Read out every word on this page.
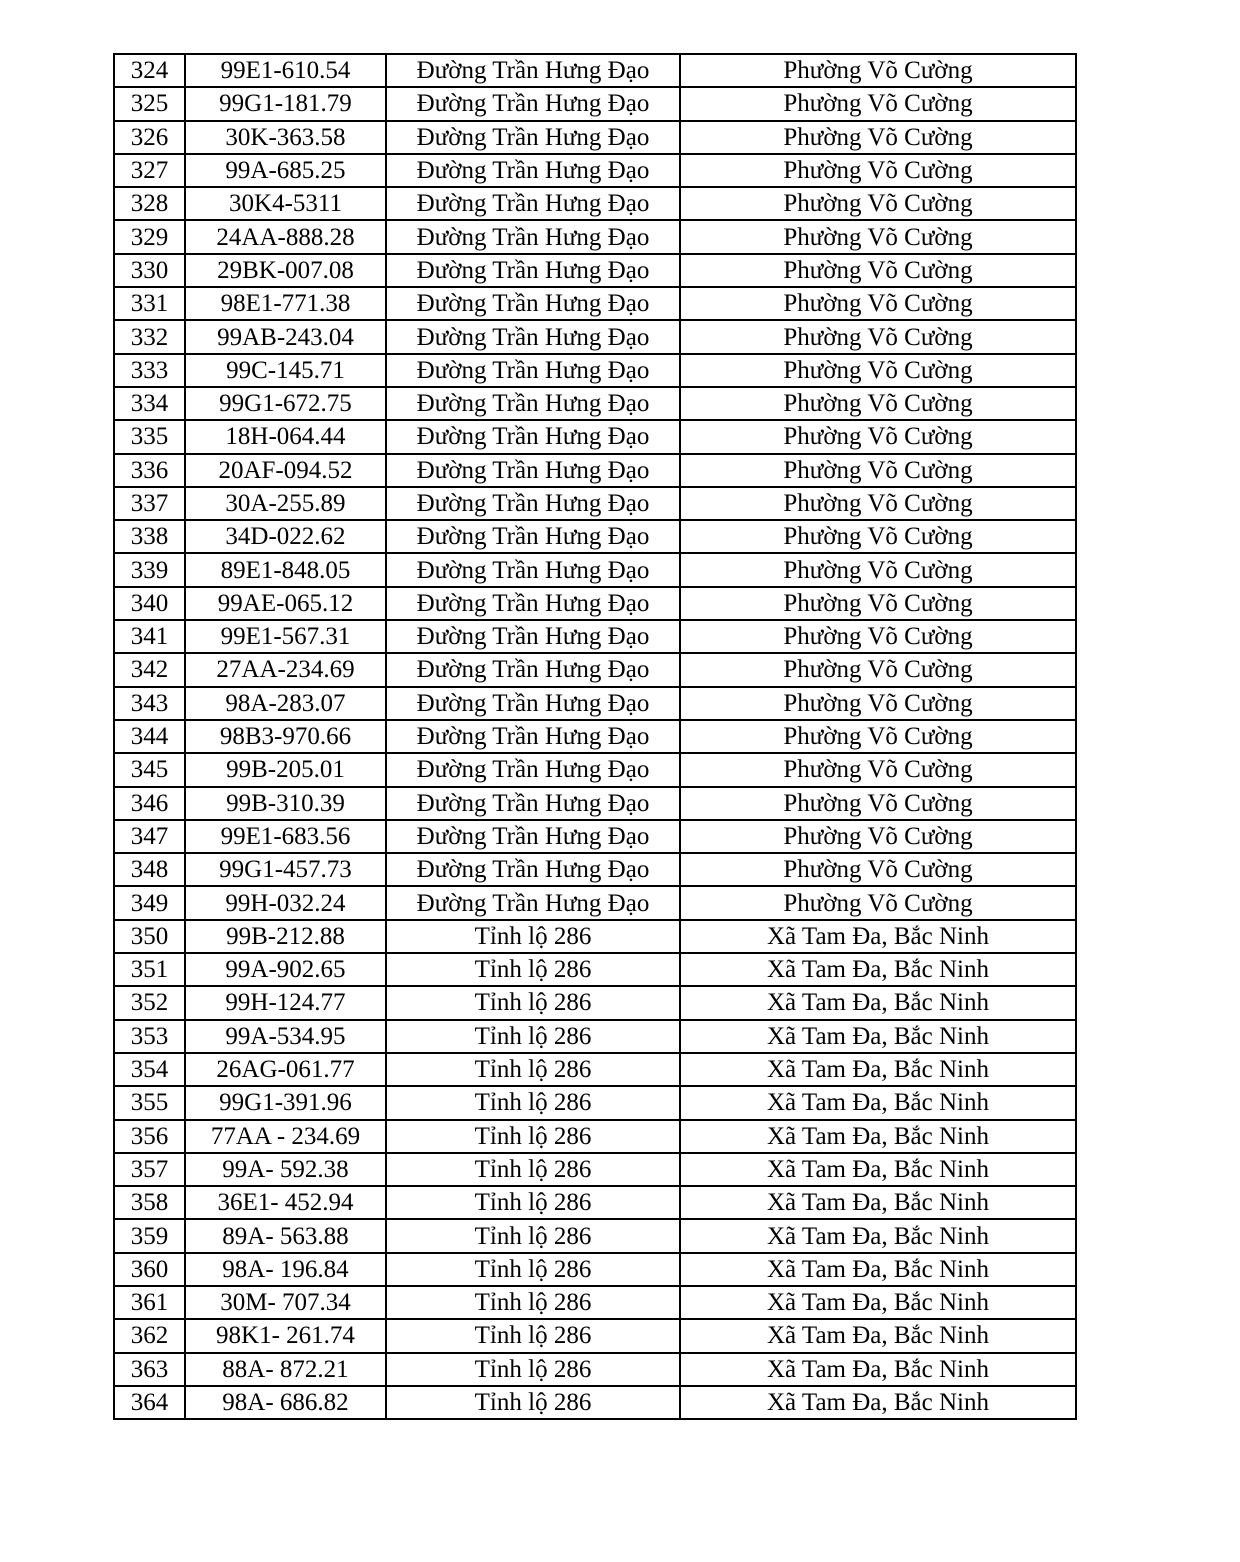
324	99E1-610.54	Đường Trần Hưng Đạo	Phường Võ Cường
325	99G1-181.79	Đường Trần Hưng Đạo	Phường Võ Cường
326	30K-363.58	Đường Trần Hưng Đạo	Phường Võ Cường
327	99A-685.25	Đường Trần Hưng Đạo	Phường Võ Cường
328	30K4-5311	Đường Trần Hưng Đạo	Phường Võ Cường
329	24AA-888.28	Đường Trần Hưng Đạo	Phường Võ Cường
330	29BK-007.08	Đường Trần Hưng Đạo	Phường Võ Cường
331	98E1-771.38	Đường Trần Hưng Đạo	Phường Võ Cường
332	99AB-243.04	Đường Trần Hưng Đạo	Phường Võ Cường
333	99C-145.71	Đường Trần Hưng Đạo	Phường Võ Cường
334	99G1-672.75	Đường Trần Hưng Đạo	Phường Võ Cường
335	18H-064.44	Đường Trần Hưng Đạo	Phường Võ Cường
336	20AF-094.52	Đường Trần Hưng Đạo	Phường Võ Cường
337	30A-255.89	Đường Trần Hưng Đạo	Phường Võ Cường
338	34D-022.62	Đường Trần Hưng Đạo	Phường Võ Cường
339	89E1-848.05	Đường Trần Hưng Đạo	Phường Võ Cường
340	99AE-065.12	Đường Trần Hưng Đạo	Phường Võ Cường
341	99E1-567.31	Đường Trần Hưng Đạo	Phường Võ Cường
342	27AA-234.69	Đường Trần Hưng Đạo	Phường Võ Cường
343	98A-283.07	Đường Trần Hưng Đạo	Phường Võ Cường
344	98B3-970.66	Đường Trần Hưng Đạo	Phường Võ Cường
345	99B-205.01	Đường Trần Hưng Đạo	Phường Võ Cường
346	99B-310.39	Đường Trần Hưng Đạo	Phường Võ Cường
347	99E1-683.56	Đường Trần Hưng Đạo	Phường Võ Cường
348	99G1-457.73	Đường Trần Hưng Đạo	Phường Võ Cường
349	99H-032.24	Đường Trần Hưng Đạo	Phường Võ Cường
350	99B-212.88	Tỉnh lộ 286	Xã Tam Đa, Bắc Ninh
351	99A-902.65	Tỉnh lộ 286	Xã Tam Đa, Bắc Ninh
352	99H-124.77	Tỉnh lộ 286	Xã Tam Đa, Bắc Ninh
353	99A-534.95	Tỉnh lộ 286	Xã Tam Đa, Bắc Ninh
354	26AG-061.77	Tỉnh lộ 286	Xã Tam Đa, Bắc Ninh
355	99G1-391.96	Tỉnh lộ 286	Xã Tam Đa, Bắc Ninh
356	77AA - 234.69	Tỉnh lộ 286	Xã Tam Đa, Bắc Ninh
357	99A- 592.38	Tỉnh lộ 286	Xã Tam Đa, Bắc Ninh
358	36E1- 452.94	Tỉnh lộ 286	Xã Tam Đa, Bắc Ninh
359	89A- 563.88	Tỉnh lộ 286	Xã Tam Đa, Bắc Ninh
360	98A- 196.84	Tỉnh lộ 286	Xã Tam Đa, Bắc Ninh
361	30M- 707.34	Tỉnh lộ 286	Xã Tam Đa, Bắc Ninh
362	98K1- 261.74	Tỉnh lộ 286	Xã Tam Đa, Bắc Ninh
363	88A- 872.21	Tỉnh lộ 286	Xã Tam Đa, Bắc Ninh
364	98A- 686.82	Tỉnh lộ 286	Xã Tam Đa, Bắc Ninh
